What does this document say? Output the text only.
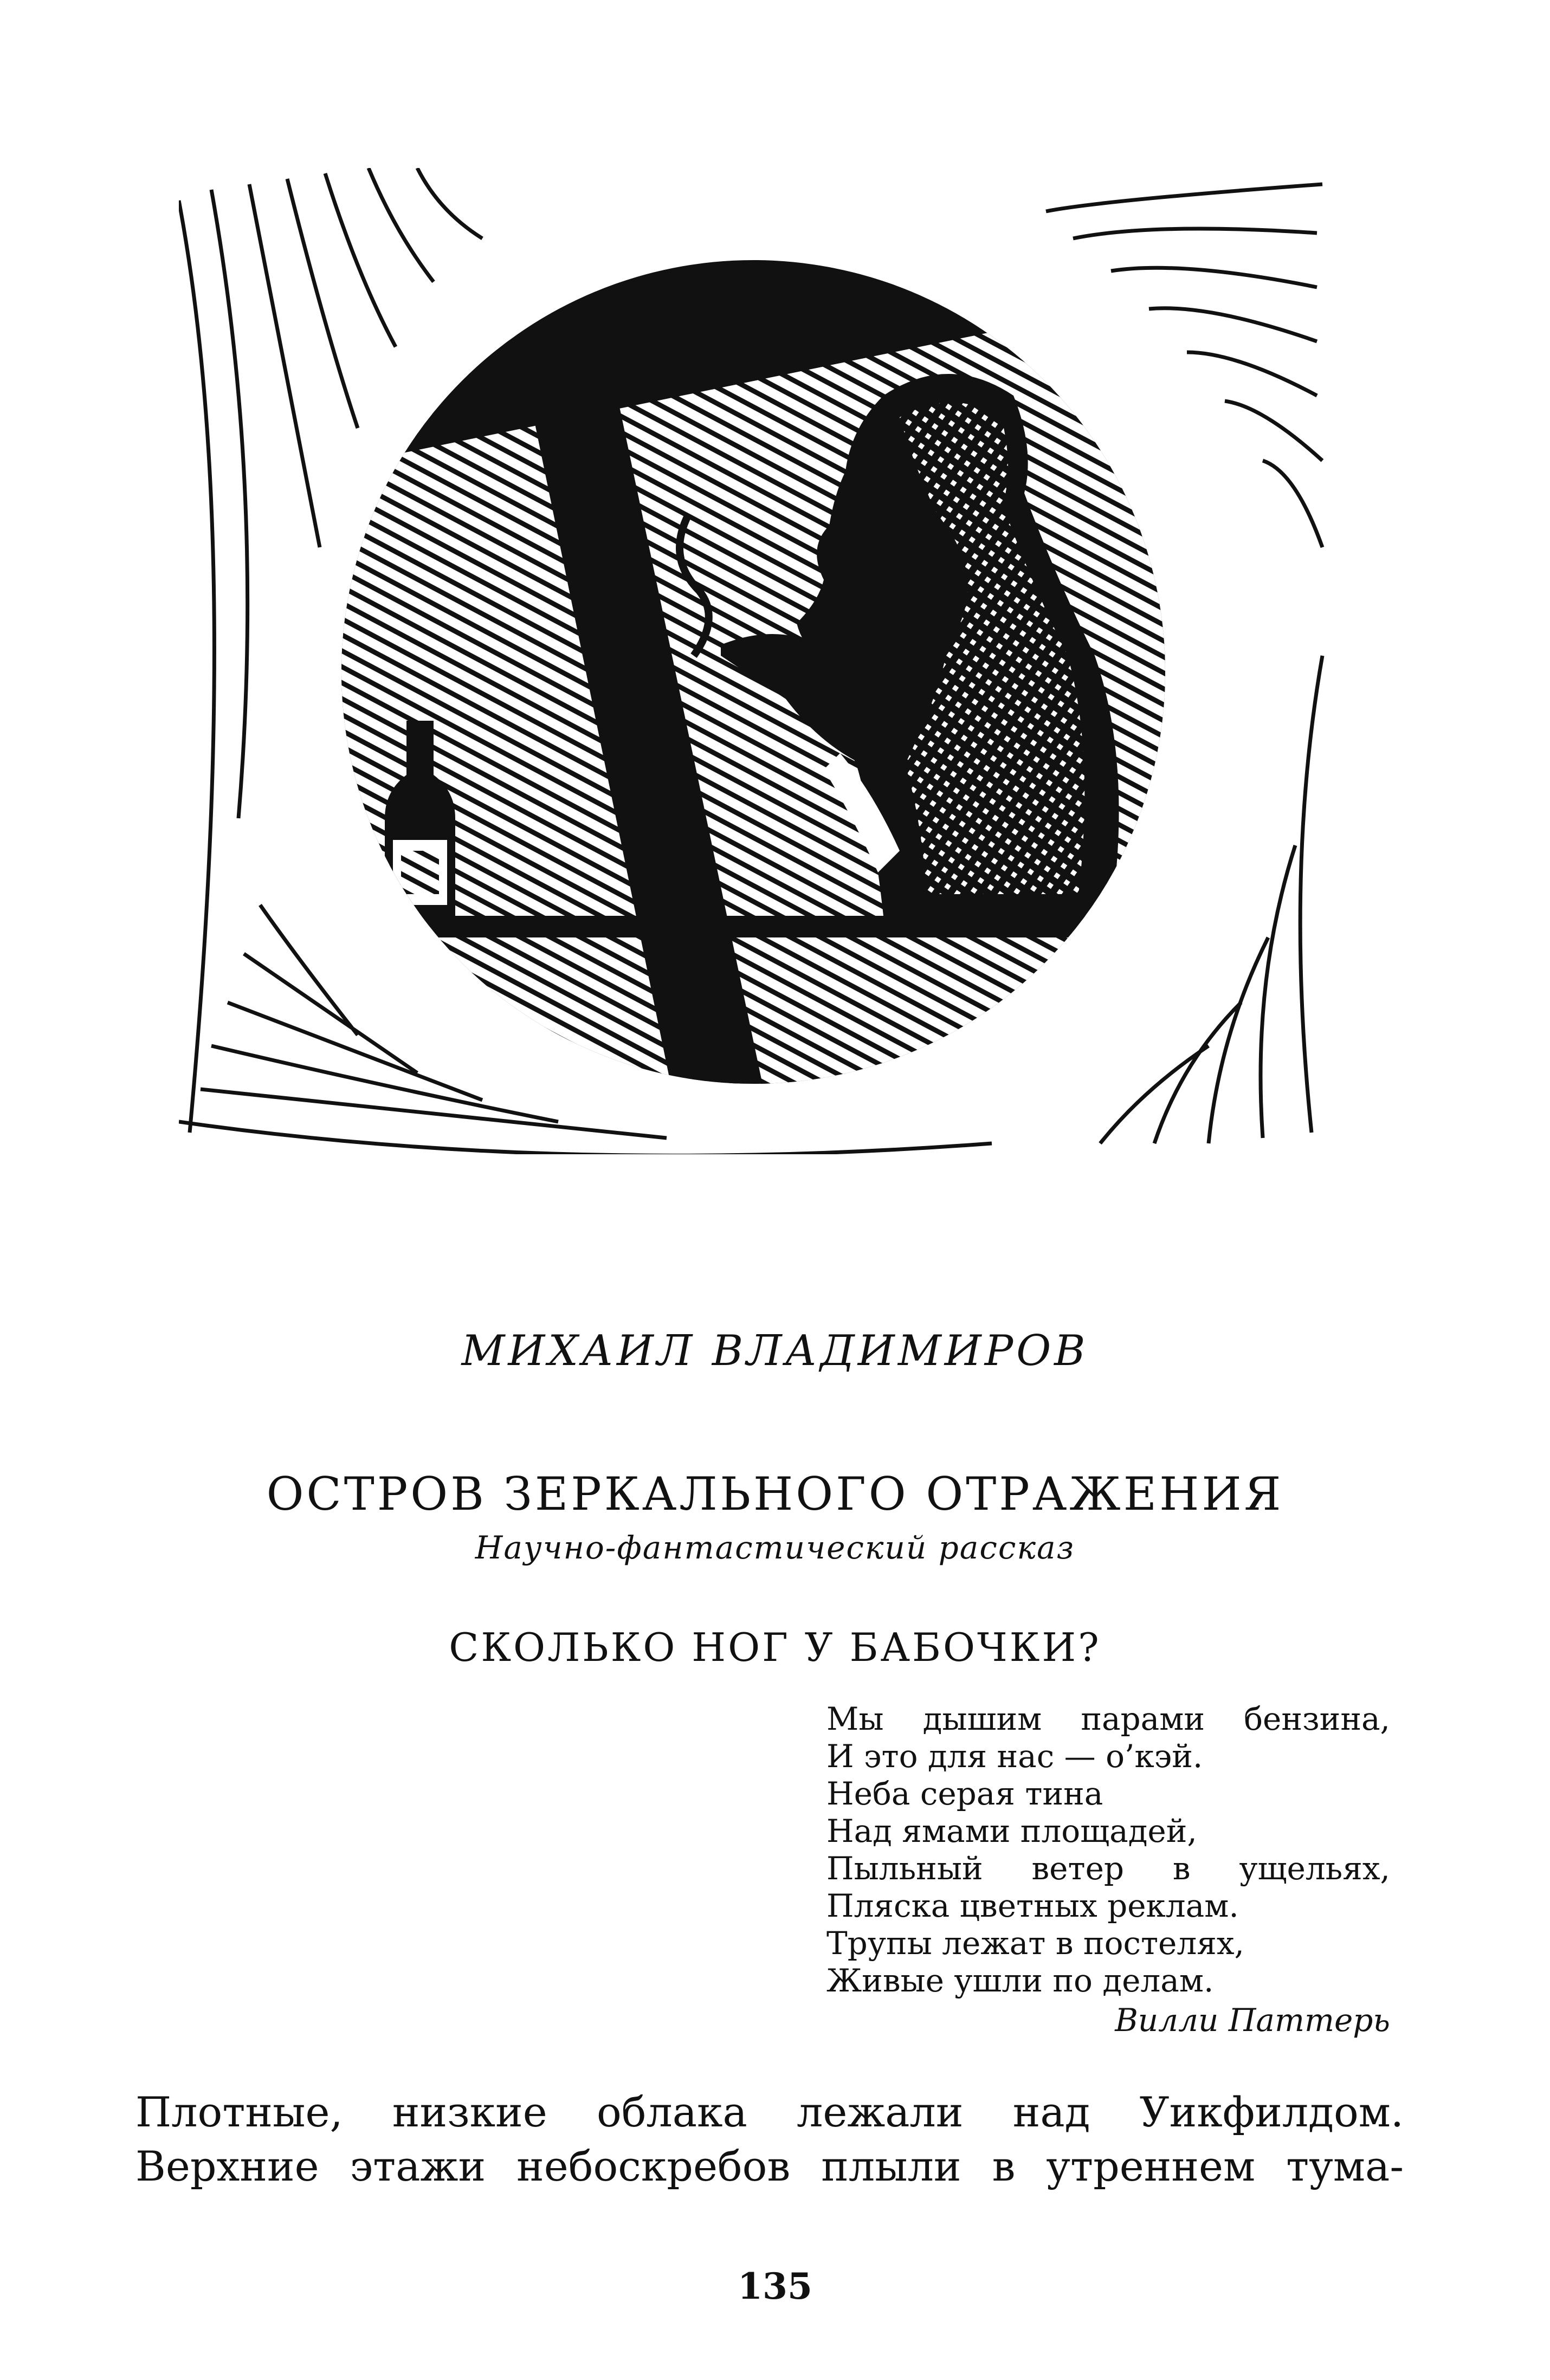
МИХАИЛ ВЛАДИМИРОВ
ОСТРОВ ЗЕРКАЛЬНОГО ОТРАЖЕНИЯ
Научно-фантастический рассказ
СКОЛЬКО НОГ У БАБОЧКИ?
Мы дышим парами бензина,
И это для нас — о’кэй.
Неба серая тина
Над ямами площадей,
Пыльный ветер в ущельях,
Пляска цветных реклам.
Трупы лежат в постелях,
Живые ушли по делам.
Вилли Паттерь
Плотные, низкие облака лежали над Уикфилдом.
Верхние этажи небоскребов плыли в утреннем тума-
135
